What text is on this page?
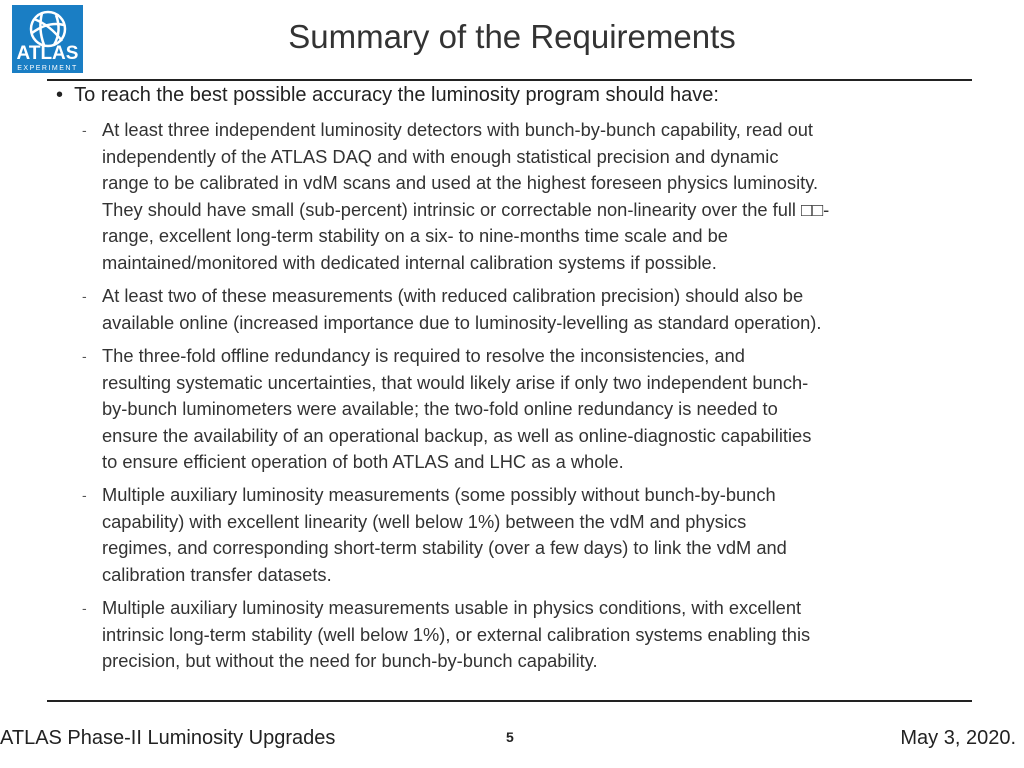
ATLAS
EXPERIMENT
Summary of the Requirements
• To reach the best possible accuracy the luminosity program should have:
- At least three independent luminosity detectors with bunch-by-bunch capability, read out
independently of the ATLAS DAQ and with enough statistical precision and dynamic
range to be calibrated in vdM scans and used at the highest foreseen physics luminosity.
They should have small (sub-percent) intrinsic or correctable non-linearity over the full □□-
range, excellent long-term stability on a six- to nine-months time scale and be
maintained/monitored with dedicated internal calibration systems if possible.
- At least two of these measurements (with reduced calibration precision) should also be
available online (increased importance due to luminosity-levelling as standard operation).
- The three-fold offline redundancy is required to resolve the inconsistencies, and
resulting systematic uncertainties, that would likely arise if only two independent bunch-
by-bunch luminometers were available; the two-fold online redundancy is needed to
ensure the availability of an operational backup, as well as online-diagnostic capabilities
to ensure efficient operation of both ATLAS and LHC as a whole.
- Multiple auxiliary luminosity measurements (some possibly without bunch-by-bunch
capability) with excellent linearity (well below 1%) between the vdM and physics
regimes, and corresponding short-term stability (over a few days) to link the vdM and
calibration transfer datasets.
- Multiple auxiliary luminosity measurements usable in physics conditions, with excellent
intrinsic long-term stability (well below 1%), or external calibration systems enabling this
precision, but without the need for bunch-by-bunch capability.
ATLAS Phase-II Luminosity Upgrades	5	May 3, 2020.
